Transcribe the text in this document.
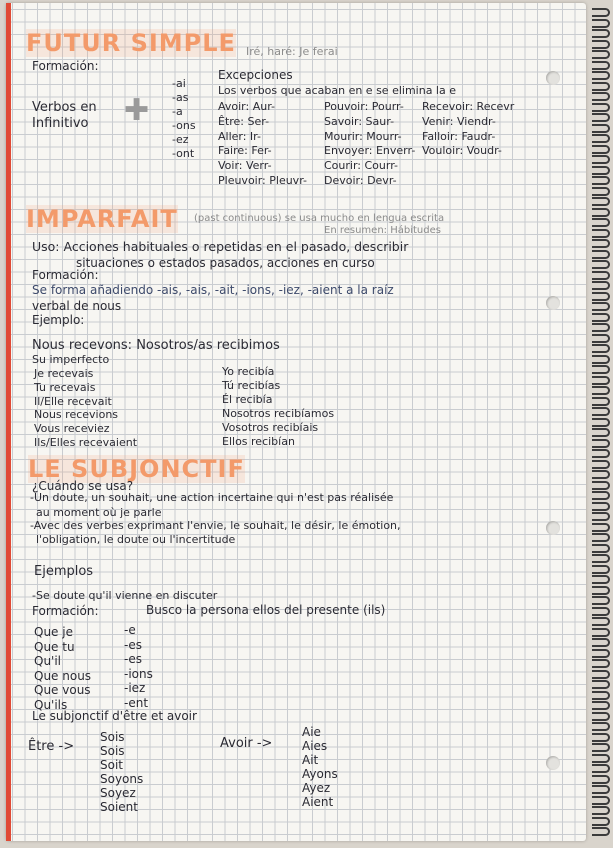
FUTUR SIMPLE Iré, haré: Je ferai
Formación:
Verbos en
Infinitivo ✚
-ai
-as
-a
-ons
-ez
-ont
Excepciones
Los verbos que acaban en e se elimina la e
Avoir: Aur-
Être: Ser-
Aller: Ir-
Faire: Fer-
Voir: Verr-
Pleuvoir: Pleuvr-
Pouvoir: Pourr-
Savoir: Saur-
Mourir: Mourr-
Envoyer: Enverr-
Courir: Courr-
Devoir: Devr-
Recevoir: Recevr
Venir: Viendr-
Falloir: Faudr-
Vouloir: Voudr-
IMPARFAIT (past continuous) se usa mucho en lengua escrita
En resumen: Hábitudes
Uso: Acciones habituales o repetidas en el pasado, describir
situaciones o estados pasados, acciones en curso
Formación:
Se forma añadiendo -ais, -ais, -ait, -ions, -iez, -aient a la raíz
verbal de nous
Ejemplo:
Nous recevons: Nosotros/as recibimos
Su imperfecto
Je recevais
Tu recevais
Il/Elle recevait
Nous recevions
Vous receviez
Ils/Elles recevaient
Yo recibía
Tú recibías
Él recibía
Nosotros recibíamos
Vosotros recibíais
Ellos recibían
LE SUBJONCTIF
¿Cuándo se usa?
-Un doute, un souhait, une action incertaine qui n'est pas réalisée
au moment où je parle
-Avec des verbes exprimant l'envie, le souhait, le désir, le émotion,
l'obligation, le doute ou l'incertitude
Ejemplos
-Se doute qu'il vienne en discuter
Formación:	Busco la persona ellos del presente (ils)
Que je
Que tu
Qu'il
Que nous
Que vous
Qu'ils
-e
-es
-es
-ions
-iez
-ent
Le subjonctif d'être et avoir
Être ->
Sois
Sois
Soit
Soyons
Soyez
Soient
Avoir ->
Aie
Aies
Ait
Ayons
Ayez
Aient
